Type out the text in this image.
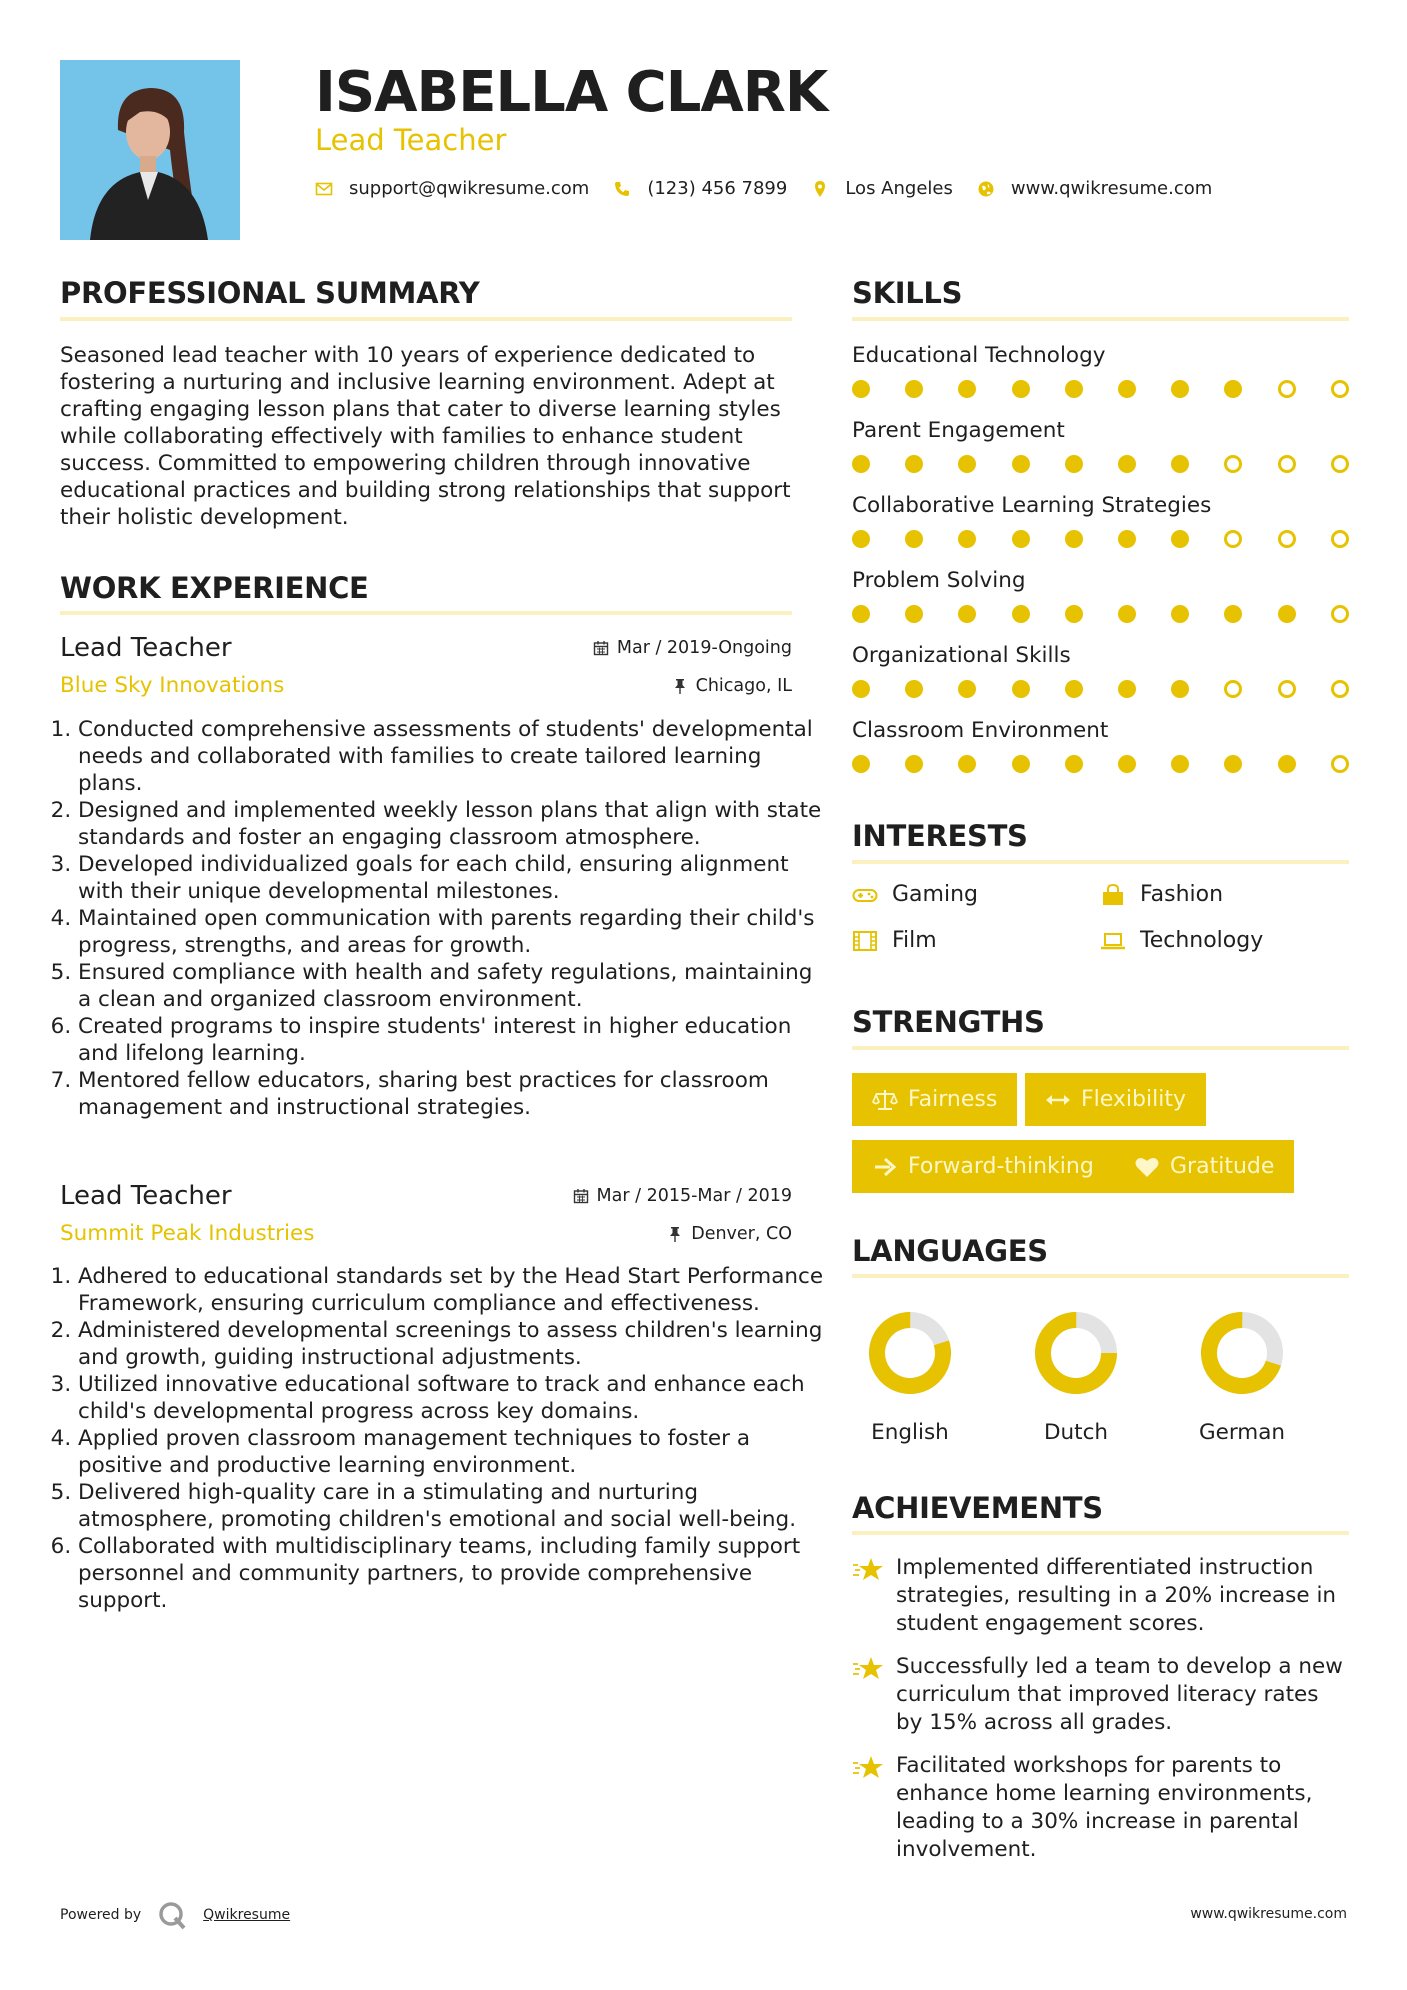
ISABELLA CLARK
Lead Teacher
support@qwikresume.com	(123) 456 7899	Los Angeles	www.qwikresume.com
PROFESSIONAL SUMMARY

Seasoned lead teacher with 10 years of experience dedicated to fostering a nurturing and inclusive learning environment. Adept at crafting engaging lesson plans that cater to diverse learning styles while collaborating effectively with families to enhance student success. Committed to empowering children through innovative educational practices and building strong relationships that support their holistic development.

WORK EXPERIENCE
Lead Teacher	Mar / 2019-Ongoing
Blue Sky Innovations	Chicago, IL
1. Conducted comprehensive assessments of students' developmental needs and collaborated with families to create tailored learning plans.
2. Designed and implemented weekly lesson plans that align with state standards and foster an engaging classroom atmosphere.
3. Developed individualized goals for each child, ensuring alignment with their unique developmental milestones.
4. Maintained open communication with parents regarding their child's progress, strengths, and areas for growth.
5. Ensured compliance with health and safety regulations, maintaining a clean and organized classroom environment.
6. Created programs to inspire students' interest in higher education and lifelong learning.
7. Mentored fellow educators, sharing best practices for classroom management and instructional strategies.
Lead Teacher	Mar / 2015-Mar / 2019
Summit Peak Industries	Denver, CO
1. Adhered to educational standards set by the Head Start Performance Framework, ensuring curriculum compliance and effectiveness.
2. Administered developmental screenings to assess children's learning and growth, guiding instructional adjustments.
3. Utilized innovative educational software to track and enhance each child's developmental progress across key domains.
4. Applied proven classroom management techniques to foster a positive and productive learning environment.
5. Delivered high-quality care in a stimulating and nurturing atmosphere, promoting children's emotional and social well-being.
6. Collaborated with multidisciplinary teams, including family support personnel and community partners, to provide comprehensive support.
SKILLS
Educational Technology
Parent Engagement
Collaborative Learning Strategies
Problem Solving
Organizational Skills
Classroom Environment
INTERESTS
Gaming	Fashion
Film	Technology
STRENGTHS
Fairness	Flexibility
Forward-thinking	Gratitude
LANGUAGES
English	Dutch	German
ACHIEVEMENTS
Implemented differentiated instruction strategies, resulting in a 20% increase in student engagement scores.
Successfully led a team to develop a new curriculum that improved literacy rates by 15% across all grades.
Facilitated workshops for parents to enhance home learning environments, leading to a 30% increase in parental involvement.
Powered by	Qwikresume	www.qwikresume.com
